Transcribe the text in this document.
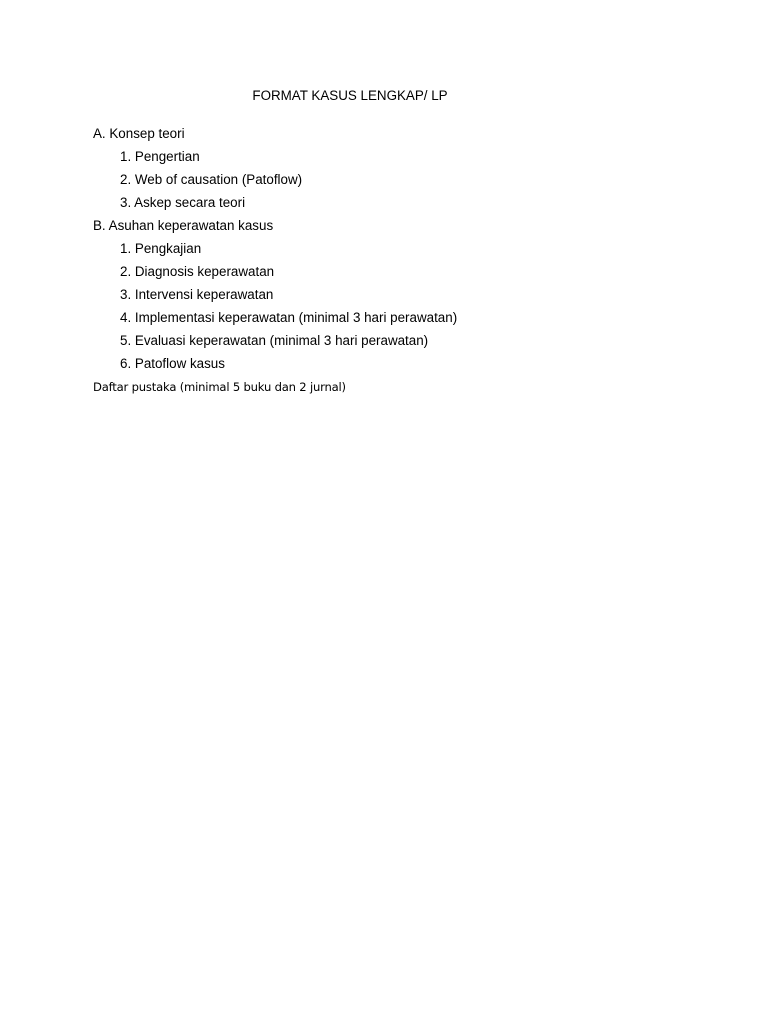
FORMAT KASUS LENGKAP/ LP
A. Konsep teori
1. Pengertian
2. Web of causation (Patoflow)
3. Askep secara teori
B. Asuhan keperawatan kasus
1. Pengkajian
2. Diagnosis keperawatan
3. Intervensi keperawatan
4. Implementasi keperawatan (minimal 3 hari perawatan)
5. Evaluasi keperawatan (minimal 3 hari perawatan)
6. Patoflow kasus
Daftar pustaka (minimal 5 buku dan 2 jurnal)
